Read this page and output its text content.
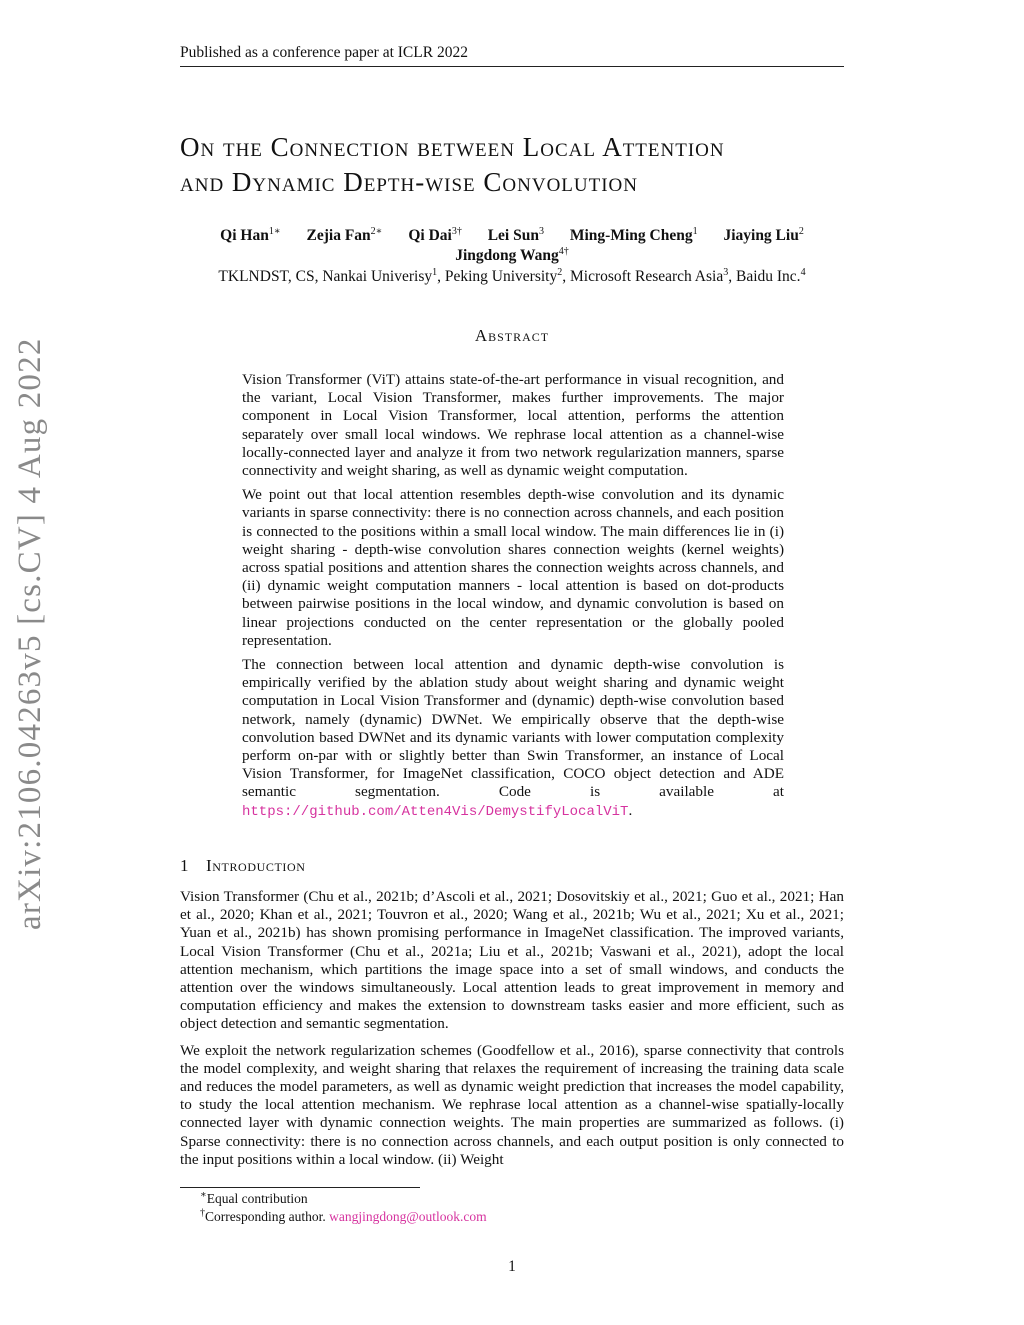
Published as a conference paper at ICLR 2022
arXiv:2106.04263v5 [cs.CV] 4 Aug 2022
On the Connection between Local Attention
and Dynamic Depth-wise Convolution
Qi Han$^{1∗}$ Zejia Fan$^{2∗}$ Qi Dai$^{3\dagger}$ Lei Sun$^3$ Ming-Ming Cheng$^1$ Jiaying Liu$^2$
Jingdong Wang$^{4\dagger}$
TKLNDST, CS, Nankai Univerisy$^1$, Peking University$^2$, Microsoft Research Asia$^3$, Baidu Inc.$^4$
Abstract

Vision Transformer (ViT) attains state-of-the-art performance in visual recognition, and the variant, Local Vision Transformer, makes further improvements. The major component in Local Vision Transformer, local attention, performs the attention separately over small local windows. We rephrase local attention as a channel-wise locally-connected layer and analyze it from two network regularization manners, sparse connectivity and weight sharing, as well as dynamic weight computation.

We point out that local attention resembles depth-wise convolution and its dynamic variants in sparse connectivity: there is no connection across channels, and each position is connected to the positions within a small local window. The main differences lie in (i) weight sharing - depth-wise convolution shares connection weights (kernel weights) across spatial positions and attention shares the connection weights across channels, and (ii) dynamic weight computation manners - local attention is based on dot-products between pairwise positions in the local window, and dynamic convolution is based on linear projections conducted on the center representation or the globally pooled representation.

The connection between local attention and dynamic depth-wise convolution is empirically verified by the ablation study about weight sharing and dynamic weight computation in Local Vision Transformer and (dynamic) depth-wise convolution based network, namely (dynamic) DWNet. We empirically observe that the depth-wise convolution based DWNet and its dynamic variants with lower computation complexity perform on-par with or slightly better than Swin Transformer, an instance of Local Vision Transformer, for ImageNet classification, COCO object detection and ADE semantic segmentation. Code is available at https://github.com/Atten4Vis/DemystifyLocalViT.

1 Introduction

Vision Transformer (Chu et al., 2021b; d’Ascoli et al., 2021; Dosovitskiy et al., 2021; Guo et al., 2021; Han et al., 2020; Khan et al., 2021; Touvron et al., 2020; Wang et al., 2021b; Wu et al., 2021; Xu et al., 2021; Yuan et al., 2021b) has shown promising performance in ImageNet classification. The improved variants, Local Vision Transformer (Chu et al., 2021a; Liu et al., 2021b; Vaswani et al., 2021), adopt the local attention mechanism, which partitions the image space into a set of small windows, and conducts the attention over the windows simultaneously. Local attention leads to great improvement in memory and computation efficiency and makes the extension to downstream tasks easier and more efficient, such as object detection and semantic segmentation.

We exploit the network regularization schemes (Goodfellow et al., 2016), sparse connectivity that controls the model complexity, and weight sharing that relaxes the requirement of increasing the training data scale and reduces the model parameters, as well as dynamic weight prediction that increases the model capability, to study the local attention mechanism. We rephrase local attention as a channel-wise spatially-locally connected layer with dynamic connection weights. The main properties are summarized as follows. (i) Sparse connectivity: there is no connection across channels, and each output position is only connected to the input positions within a local window. (ii) Weight

∗Equal contribution
†Corresponding author. wangjingdong@outlook.com
1
